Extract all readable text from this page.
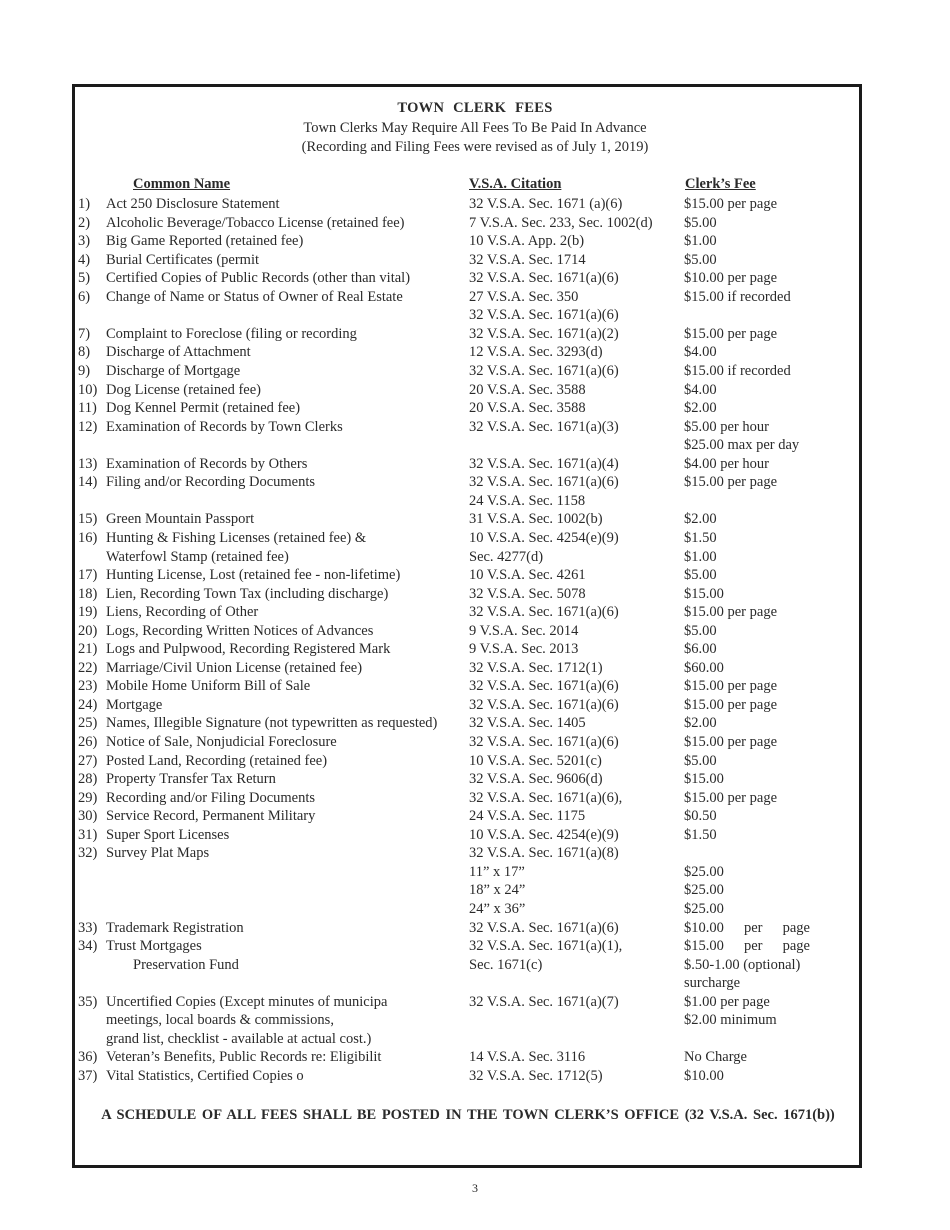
TOWN CLERK FEES
Town Clerks May Require All Fees To Be Paid In Advance
(Recording and Filing Fees were revised as of July 1, 2019)
Common Name	V.S.A. Citation	Clerk’s Fee
1) Act 250 Disclosure Statement	32 V.S.A. Sec. 1671 (a)(6)	$15.00 per page
2) Alcoholic Beverage/Tobacco License (retained fee)	7 V.S.A. Sec. 233, Sec. 1002(d) $5.00
3) Big Game Reported (retained fee)	10 V.S.A. App. 2(b)	$1.00
4) Burial Certificates (permit	32 V.S.A. Sec. 1714	$5.00
5) Certified Copies of Public Records (other than vital)	32 V.S.A. Sec. 1671(a)(6)	$10.00 per page
6) Change of Name or Status of Owner of Real Estate	27 V.S.A. Sec. 350	$15.00 if recorded
32 V.S.A. Sec. 1671(a)(6)
7) Complaint to Foreclose (filing or recording	32 V.S.A. Sec. 1671(a)(2)	$15.00 per page
8) Discharge of Attachment	12 V.S.A. Sec. 3293(d)	$4.00
9) Discharge of Mortgage	32 V.S.A. Sec. 1671(a)(6)	$15.00 if recorded
10) Dog License (retained fee)	20 V.S.A. Sec. 3588	$4.00
11) Dog Kennel Permit (retained fee)	20 V.S.A. Sec. 3588	$2.00
12) Examination of Records by Town Clerks	32 V.S.A. Sec. 1671(a)(3)	$5.00 per hour
$25.00 max per day
13) Examination of Records by Others	32 V.S.A. Sec. 1671(a)(4)	$4.00 per hour
14) Filing and/or Recording Documents	32 V.S.A. Sec. 1671(a)(6)	$15.00 per page
24 V.S.A. Sec. 1158
15) Green Mountain Passport	31 V.S.A. Sec. 1002(b)	$2.00
16) Hunting & Fishing Licenses (retained fee) &	10 V.S.A. Sec. 4254(e)(9)	$1.50
Waterfowl Stamp (retained fee)	Sec. 4277(d)	$1.00
17) Hunting License, Lost (retained fee - non-lifetime)	10 V.S.A. Sec. 4261	$5.00
18) Lien, Recording Town Tax (including discharge)	32 V.S.A. Sec. 5078	$15.00
19) Liens, Recording of Other	32 V.S.A. Sec. 1671(a)(6)	$15.00 per page
20) Logs, Recording Written Notices of Advances	9 V.S.A. Sec. 2014	$5.00
21) Logs and Pulpwood, Recording Registered Mark	9 V.S.A. Sec. 2013	$6.00
22) Marriage/Civil Union License (retained fee)	32 V.S.A. Sec. 1712(1)	$60.00
23) Mobile Home Uniform Bill of Sale	32 V.S.A. Sec. 1671(a)(6)	$15.00 per page
24) Mortgage	32 V.S.A. Sec. 1671(a)(6)	$15.00 per page
25) Names, Illegible Signature (not typewritten as requested) 32 V.S.A. Sec. 1405	$2.00
26) Notice of Sale, Nonjudicial Foreclosure	32 V.S.A. Sec. 1671(a)(6)	$15.00 per page
27) Posted Land, Recording (retained fee)	10 V.S.A. Sec. 5201(c)	$5.00
28) Property Transfer Tax Return	32 V.S.A. Sec. 9606(d)	$15.00
29) Recording and/or Filing Documents	32 V.S.A. Sec. 1671(a)(6),	$15.00 per page
30) Service Record, Permanent Military	24 V.S.A. Sec. 1175	$0.50
31) Super Sport Licenses	10 V.S.A. Sec. 4254(e)(9)	$1.50
32) Survey Plat Maps	32 V.S.A. Sec. 1671(a)(8)
11” x 17”	$25.00
18” x 24”	$25.00
24” x 36”	$25.00
33) Trademark Registration	32 V.S.A. Sec. 1671(a)(6)	$10.00 per page
34) Trust Mortgages	32 V.S.A. Sec. 1671(a)(1),	$15.00 per page
Preservation Fund	Sec. 1671(c)	$.50-1.00 (optional)
surcharge
35) Uncertified Copies (Except minutes of municipa	32 V.S.A. Sec. 1671(a)(7)	$1.00 per page
meetings, local boards & commissions,	$2.00 minimum
grand list, checklist - available at actual cost.)
36) Veteran’s Benefits, Public Records re: Eligibilit	14 V.S.A. Sec. 3116	No Charge
37) Vital Statistics, Certified Copies o	32 V.S.A. Sec. 1712(5)	$10.00
A SCHEDULE OF ALL FEES SHALL BE POSTED IN THE TOWN CLERK’S OFFICE (32 V.S.A. Sec. 1671(b))
3
